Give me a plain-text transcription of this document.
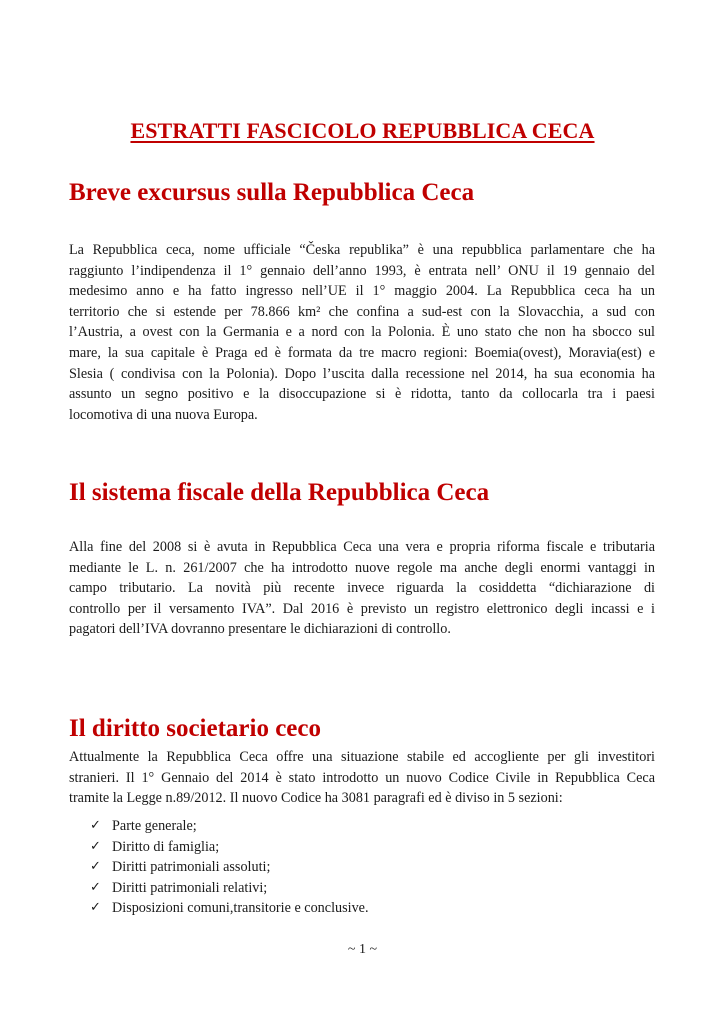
ESTRATTI FASCICOLO REPUBBLICA CECA
Breve excursus sulla Repubblica Ceca
La Repubblica ceca, nome ufficiale “Česka republika” è una repubblica parlamentare che ha
raggiunto l’indipendenza il 1° gennaio dell’anno 1993, è entrata nell’ ONU il 19 gennaio del
medesimo anno e ha fatto ingresso nell’UE il 1° maggio 2004. La Repubblica ceca ha un
territorio che si estende per 78.866 km² che confina a sud-est con la Slovacchia, a sud con
l’Austria, a ovest con la Germania e a nord con la Polonia. È uno stato che non ha sbocco sul
mare, la sua capitale è Praga ed è formata da tre macro regioni: Boemia(ovest), Moravia(est) e
Slesia ( condivisa con la Polonia). Dopo l’uscita dalla recessione nel 2014, ha sua economia ha
assunto un segno positivo e la disoccupazione si è ridotta, tanto da collocarla tra i paesi
locomotiva di una nuova Europa.
Il sistema fiscale della Repubblica Ceca
Alla fine del 2008 si è avuta in Repubblica Ceca una vera e propria riforma fiscale e tributaria
mediante le L. n. 261/2007 che ha introdotto nuove regole ma anche degli enormi vantaggi in
campo tributario. La novità più recente invece riguarda la cosiddetta “dichiarazione di
controllo per il versamento IVA”. Dal 2016 è previsto un registro elettronico degli incassi e i
pagatori dell’IVA dovranno presentare le dichiarazioni di controllo.
Il diritto societario ceco
Attualmente la Repubblica Ceca offre una situazione stabile ed accogliente per gli investitori
stranieri. Il 1° Gennaio del 2014 è stato introdotto un nuovo Codice Civile in Repubblica Ceca
tramite la Legge n.89/2012. Il nuovo Codice ha 3081 paragrafi ed è diviso in 5 sezioni:
✓ Parte generale;
✓ Diritto di famiglia;
✓ Diritti patrimoniali assoluti;
✓ Diritti patrimoniali relativi;
✓ Disposizioni comuni,transitorie e conclusive.
~ 1 ~
